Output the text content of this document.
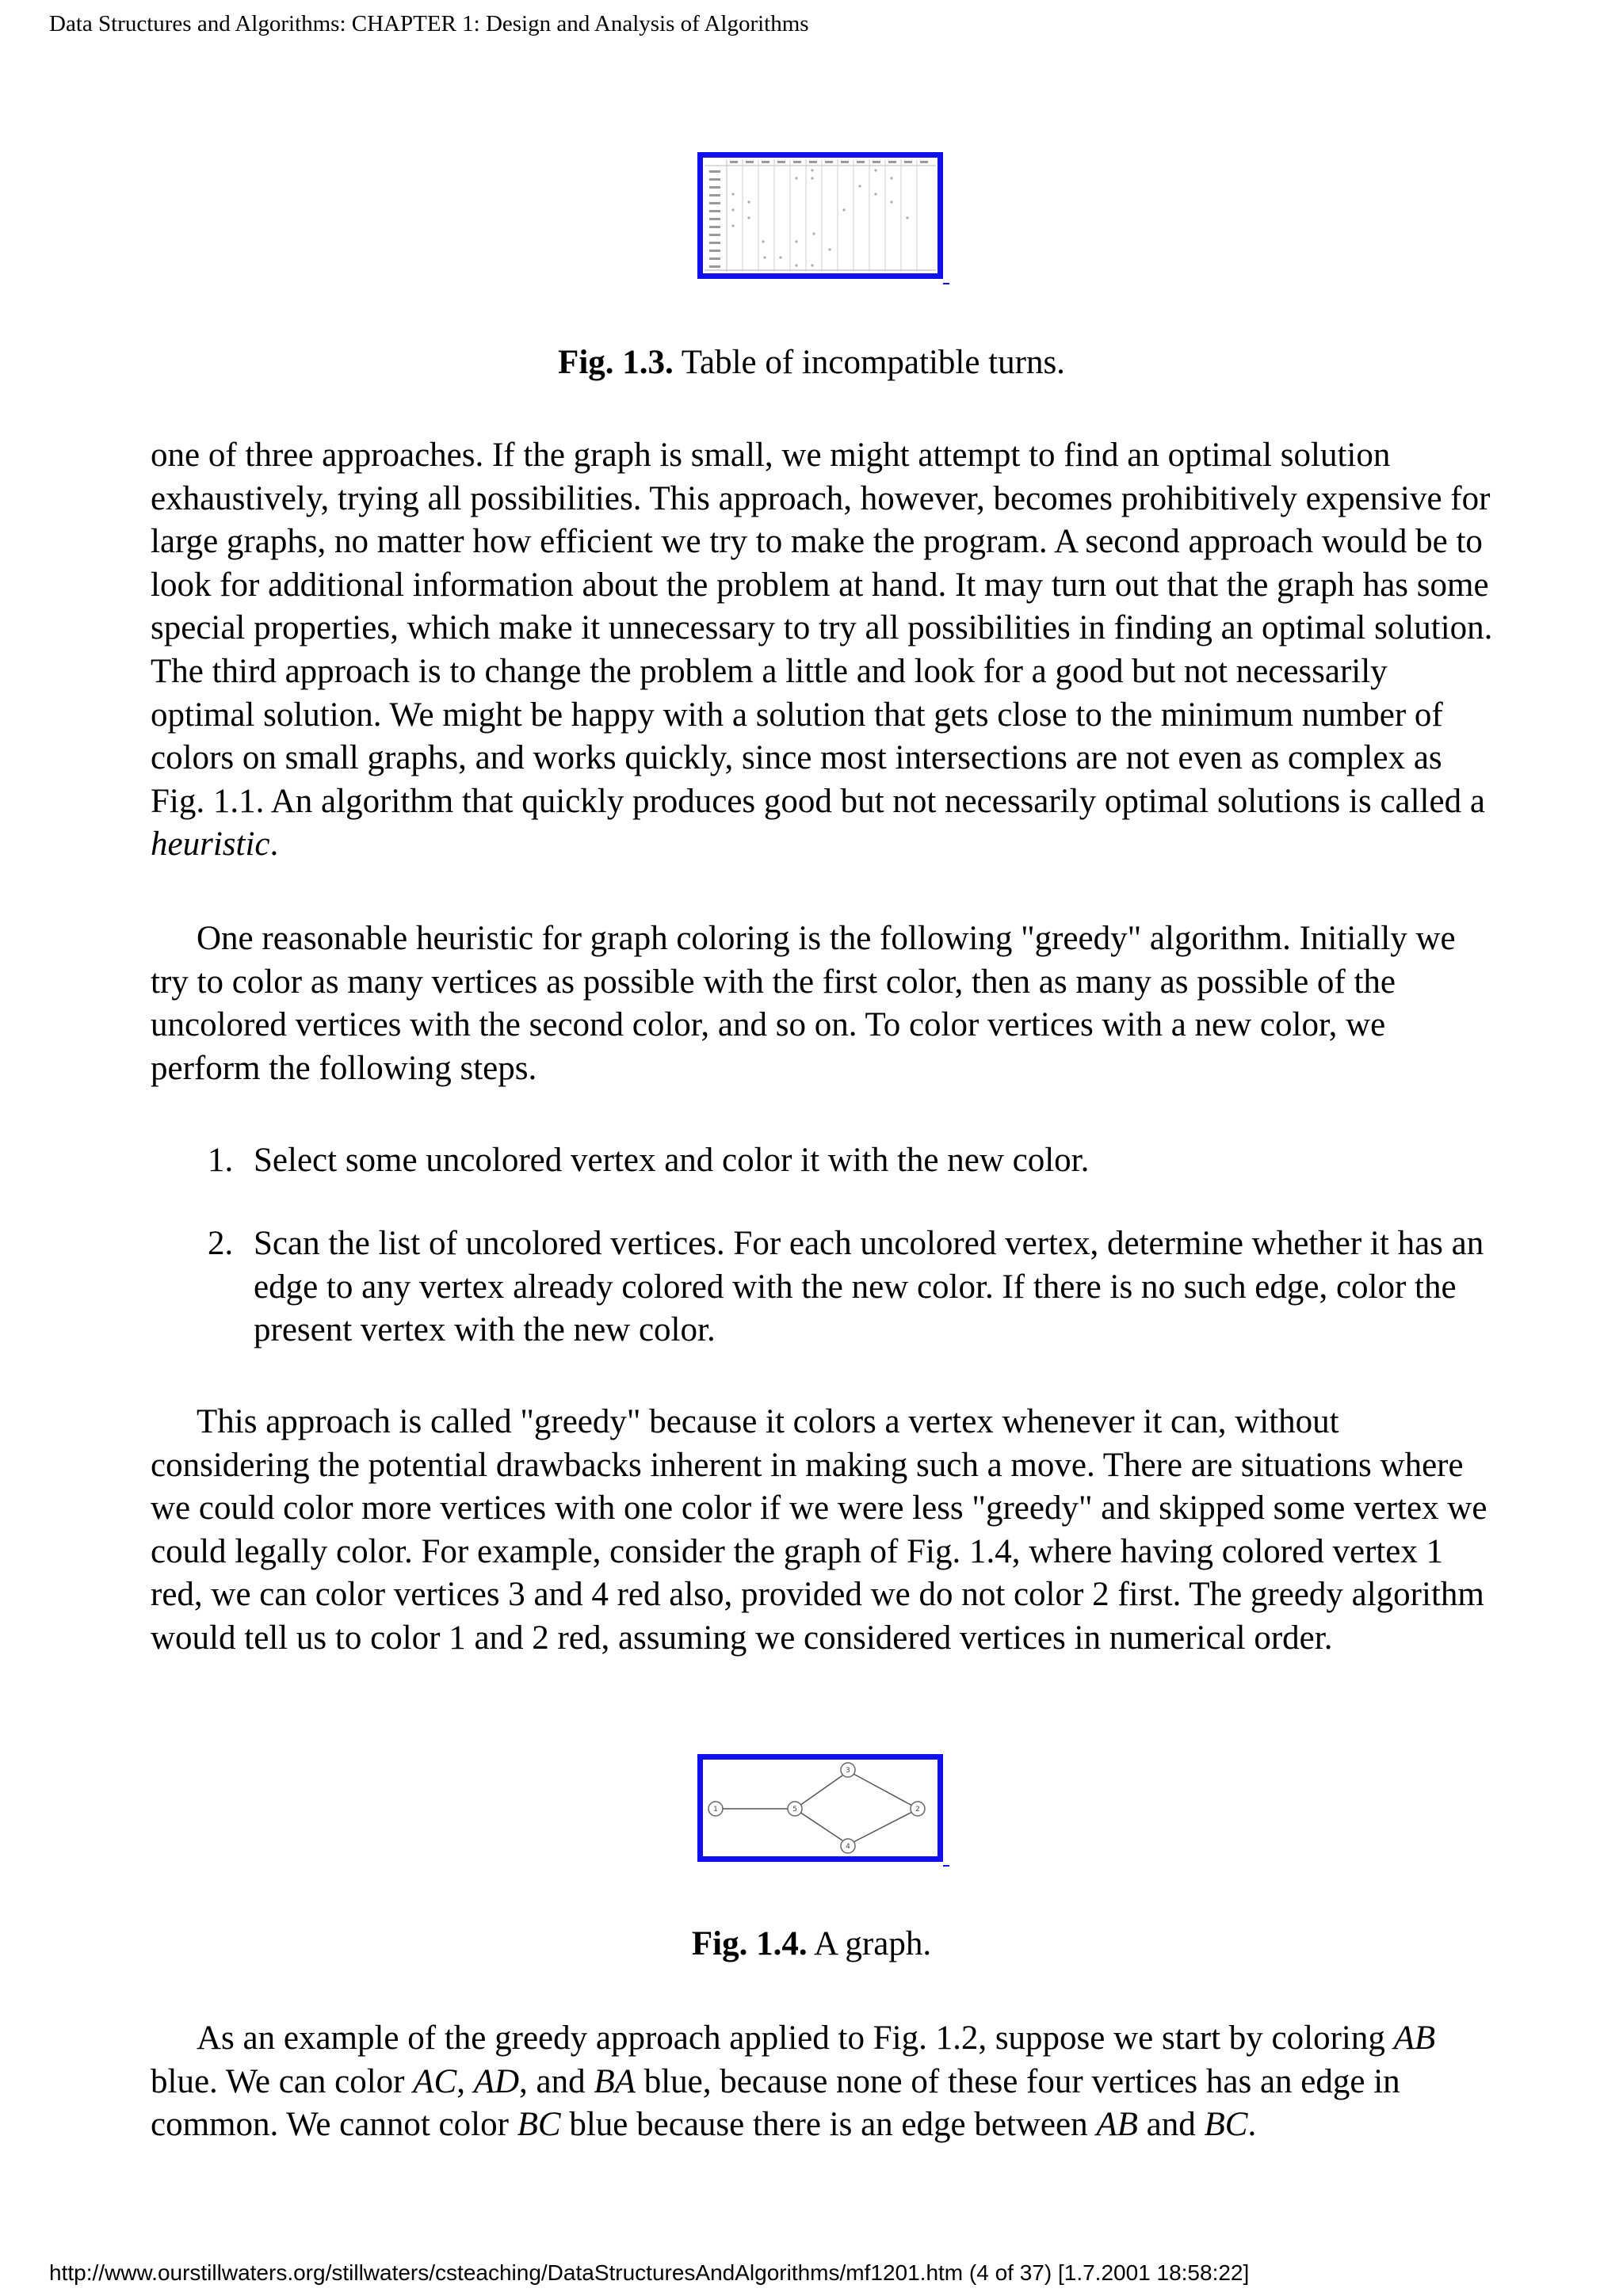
Data Structures and Algorithms: CHAPTER 1: Design and Analysis of Algorithms
Fig. 1.3. Table of incompatible turns.
one of three approaches. If the graph is small, we might attempt to find an optimal solution exhaustively, trying all possibilities. This approach, however, becomes prohibitively expensive for large graphs, no matter how efficient we try to make the program. A second approach would be to look for additional information about the problem at hand. It may turn out that the graph has some special properties, which make it unnecessary to try all possibilities in finding an optimal solution. The third approach is to change the problem a little and look for a good but not necessarily optimal solution. We might be happy with a solution that gets close to the minimum number of colors on small graphs, and works quickly, since most intersections are not even as complex as Fig. 1.1. An algorithm that quickly produces good but not necessarily optimal solutions is called a heuristic.
One reasonable heuristic for graph coloring is the following "greedy" algorithm. Initially we try to color as many vertices as possible with the first color, then as many as possible of the uncolored vertices with the second color, and so on. To color vertices with a new color, we perform the following steps.
1. Select some uncolored vertex and color it with the new color.
2. Scan the list of uncolored vertices. For each uncolored vertex, determine whether it has an edge to any vertex already colored with the new color. If there is no such edge, color the present vertex with the new color.
This approach is called "greedy" because it colors a vertex whenever it can, without considering the potential drawbacks inherent in making such a move. There are situations where we could color more vertices with one color if we were less "greedy" and skipped some vertex we could legally color. For example, consider the graph of Fig. 1.4, where having colored vertex 1 red, we can color vertices 3 and 4 red also, provided we do not color 2 first. The greedy algorithm would tell us to color 1 and 2 red, assuming we considered vertices in numerical order.
1	5
3
4
2
Fig. 1.4. A graph.
As an example of the greedy approach applied to Fig. 1.2, suppose we start by coloring AB blue. We can color AC, AD, and BA blue, because none of these four vertices has an edge in common. We cannot color BC blue because there is an edge between AB and BC.
http://www.ourstillwaters.org/stillwaters/csteaching/DataStructuresAndAlgorithms/mf1201.htm (4 of 37) [1.7.2001 18:58:22]
